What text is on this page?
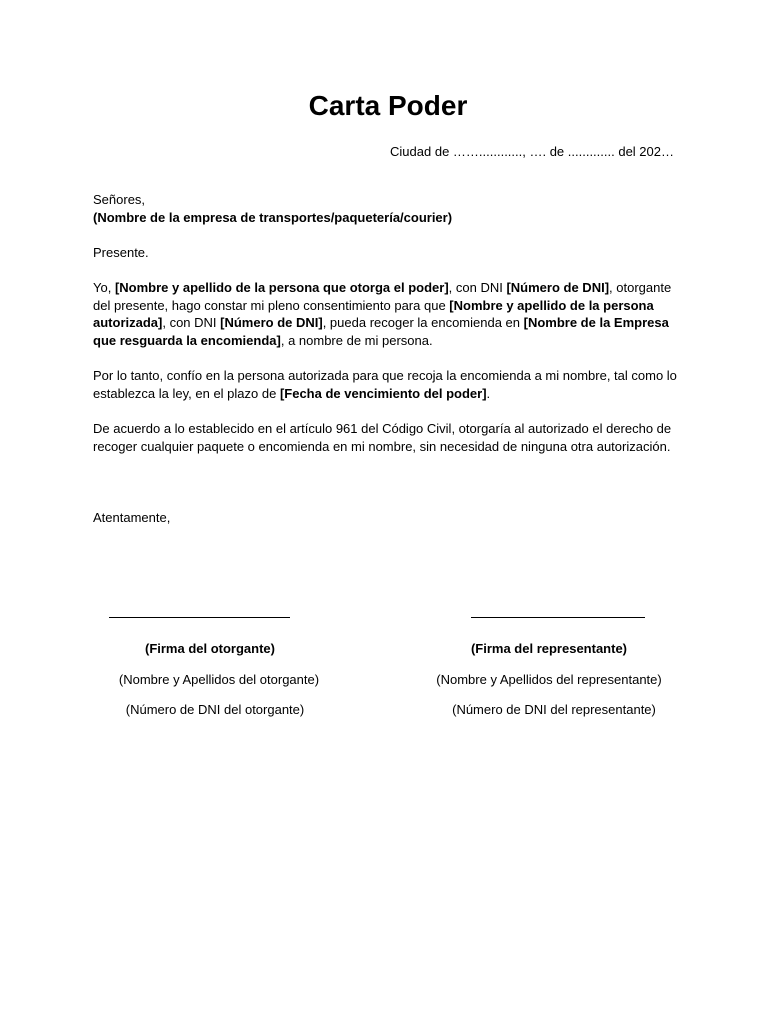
Carta Poder

Ciudad de ……............, …. de ............. del 202…

Señores,
(Nombre de la empresa de transportes/paquetería/courier)

Presente.

Yo, [Nombre y apellido de la persona que otorga el poder], con DNI [Número de DNI], otorgante del presente, hago constar mi pleno consentimiento para que [Nombre y apellido de la persona autorizada], con DNI [Número de DNI], pueda recoger la encomienda en [Nombre de la Empresa que resguarda la encomienda], a nombre de mi persona.

Por lo tanto, confío en la persona autorizada para que recoja la encomienda a mi nombre, tal como lo establezca la ley, en el plazo de [Fecha de vencimiento del poder].

De acuerdo a lo establecido en el artículo 961 del Código Civil, otorgaría al autorizado el derecho de recoger cualquier paquete o encomienda en mi nombre, sin necesidad de ninguna otra autorización.

Atentamente,

(Firma del otorgante)

(Nombre y Apellidos del otorgante)

(Número de DNI del otorgante)

(Firma del representante)

(Nombre y Apellidos del representante)

(Número de DNI del representante)
